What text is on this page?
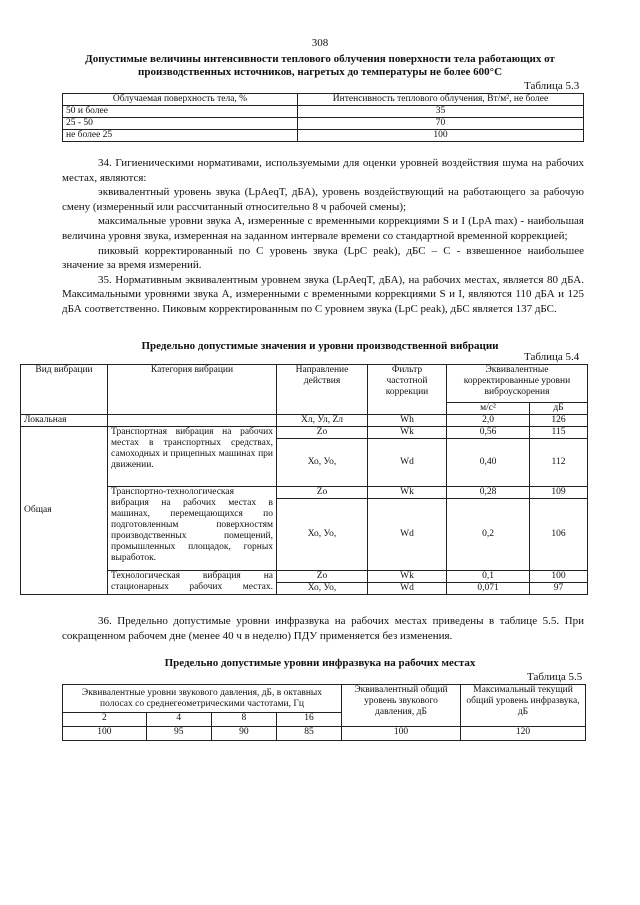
308
Допустимые величины интенсивности теплового облучения поверхности тела работающих от производственных источников, нагретых до температуры не более 600°C
Таблица 5.3
Облучаемая поверхность тела, %	Интенсивность теплового облучения, Вт/м², не более
50 и более	35
25 - 50	70
не более 25	100

34. Гигиеническими нормативами, используемыми для оценки уровней воздействия шума на рабочих местах, являются:

эквивалентный уровень звука (LpAeqT, дБА), уровень воздействующий на работающего за рабочую смену (измеренный или рассчитанный относительно 8 ч рабочей смены);

максимальные уровни звука A, измеренные с временными коррекциями S и I (LpA max) - наибольшая величина уровня звука, измеренная на заданном интервале времени со стандартной временной коррекцией;

пиковый корректированный по C уровень звука (LpC peak), дБС – C - взвешенное наибольшее значение за время измерений.

35. Нормативным эквивалентным уровнем звука (LpAeqT, дБА), на рабочих местах, является 80 дБА. Максимальными уровнями звука A, измеренными с временными коррекциями S и I, являются 110 дБА и 125 дБА соответственно. Пиковым корректированным по C уровнем звука (LpC peak), дБС является 137 дБС.

Предельно допустимые значения и уровни производственной вибрации
Таблица 5.4
Вид вибрации	Категория вибрации	Направление действия	Фильтр частотной коррекции	Эквивалентные корректированные уровни виброускорения	
				м/с²	дБ
Локальная		Хл, Ул, Zл	Wh	2,0	126
Общая	Транспортная вибрация на рабочих местах в транспортных средствах, самоходных и прицепных машинах при движении.	Zo	Wk	0,56	115
		Хо, Уо,	Wd	0,40	112
	Транспортно-технологическая вибрация на рабочих местах в машинах, перемещающихся по подготовленным поверхностям производственных помещений, промышленных площадок, горных выработок.	Zo	Wk	0,28	109
		Хо, Уо,	Wd	0,2	106
	Технологическая вибрация на стационарных рабочих местах.	Zo	Wk	0,1	100
		Хо, Уо,	Wd	0,071	97

36. Предельно допустимые уровни инфразвука на рабочих местах приведены в таблице 5.5. При сокращенном рабочем дне (менее 40 ч в неделю) ПДУ применяется без изменения.

Предельно допустимые уровни инфразвука на рабочих местах
Таблица 5.5
Эквивалентные уровни звукового давления, дБ, в октавных полосах со среднегеометрическими частотами, Гц				Эквивалентный общий уровень звукового давления, дБ	Максимальный текущий общий уровень инфразвука, дБ
2	4	8	16		
100	95	90	85	100	120
